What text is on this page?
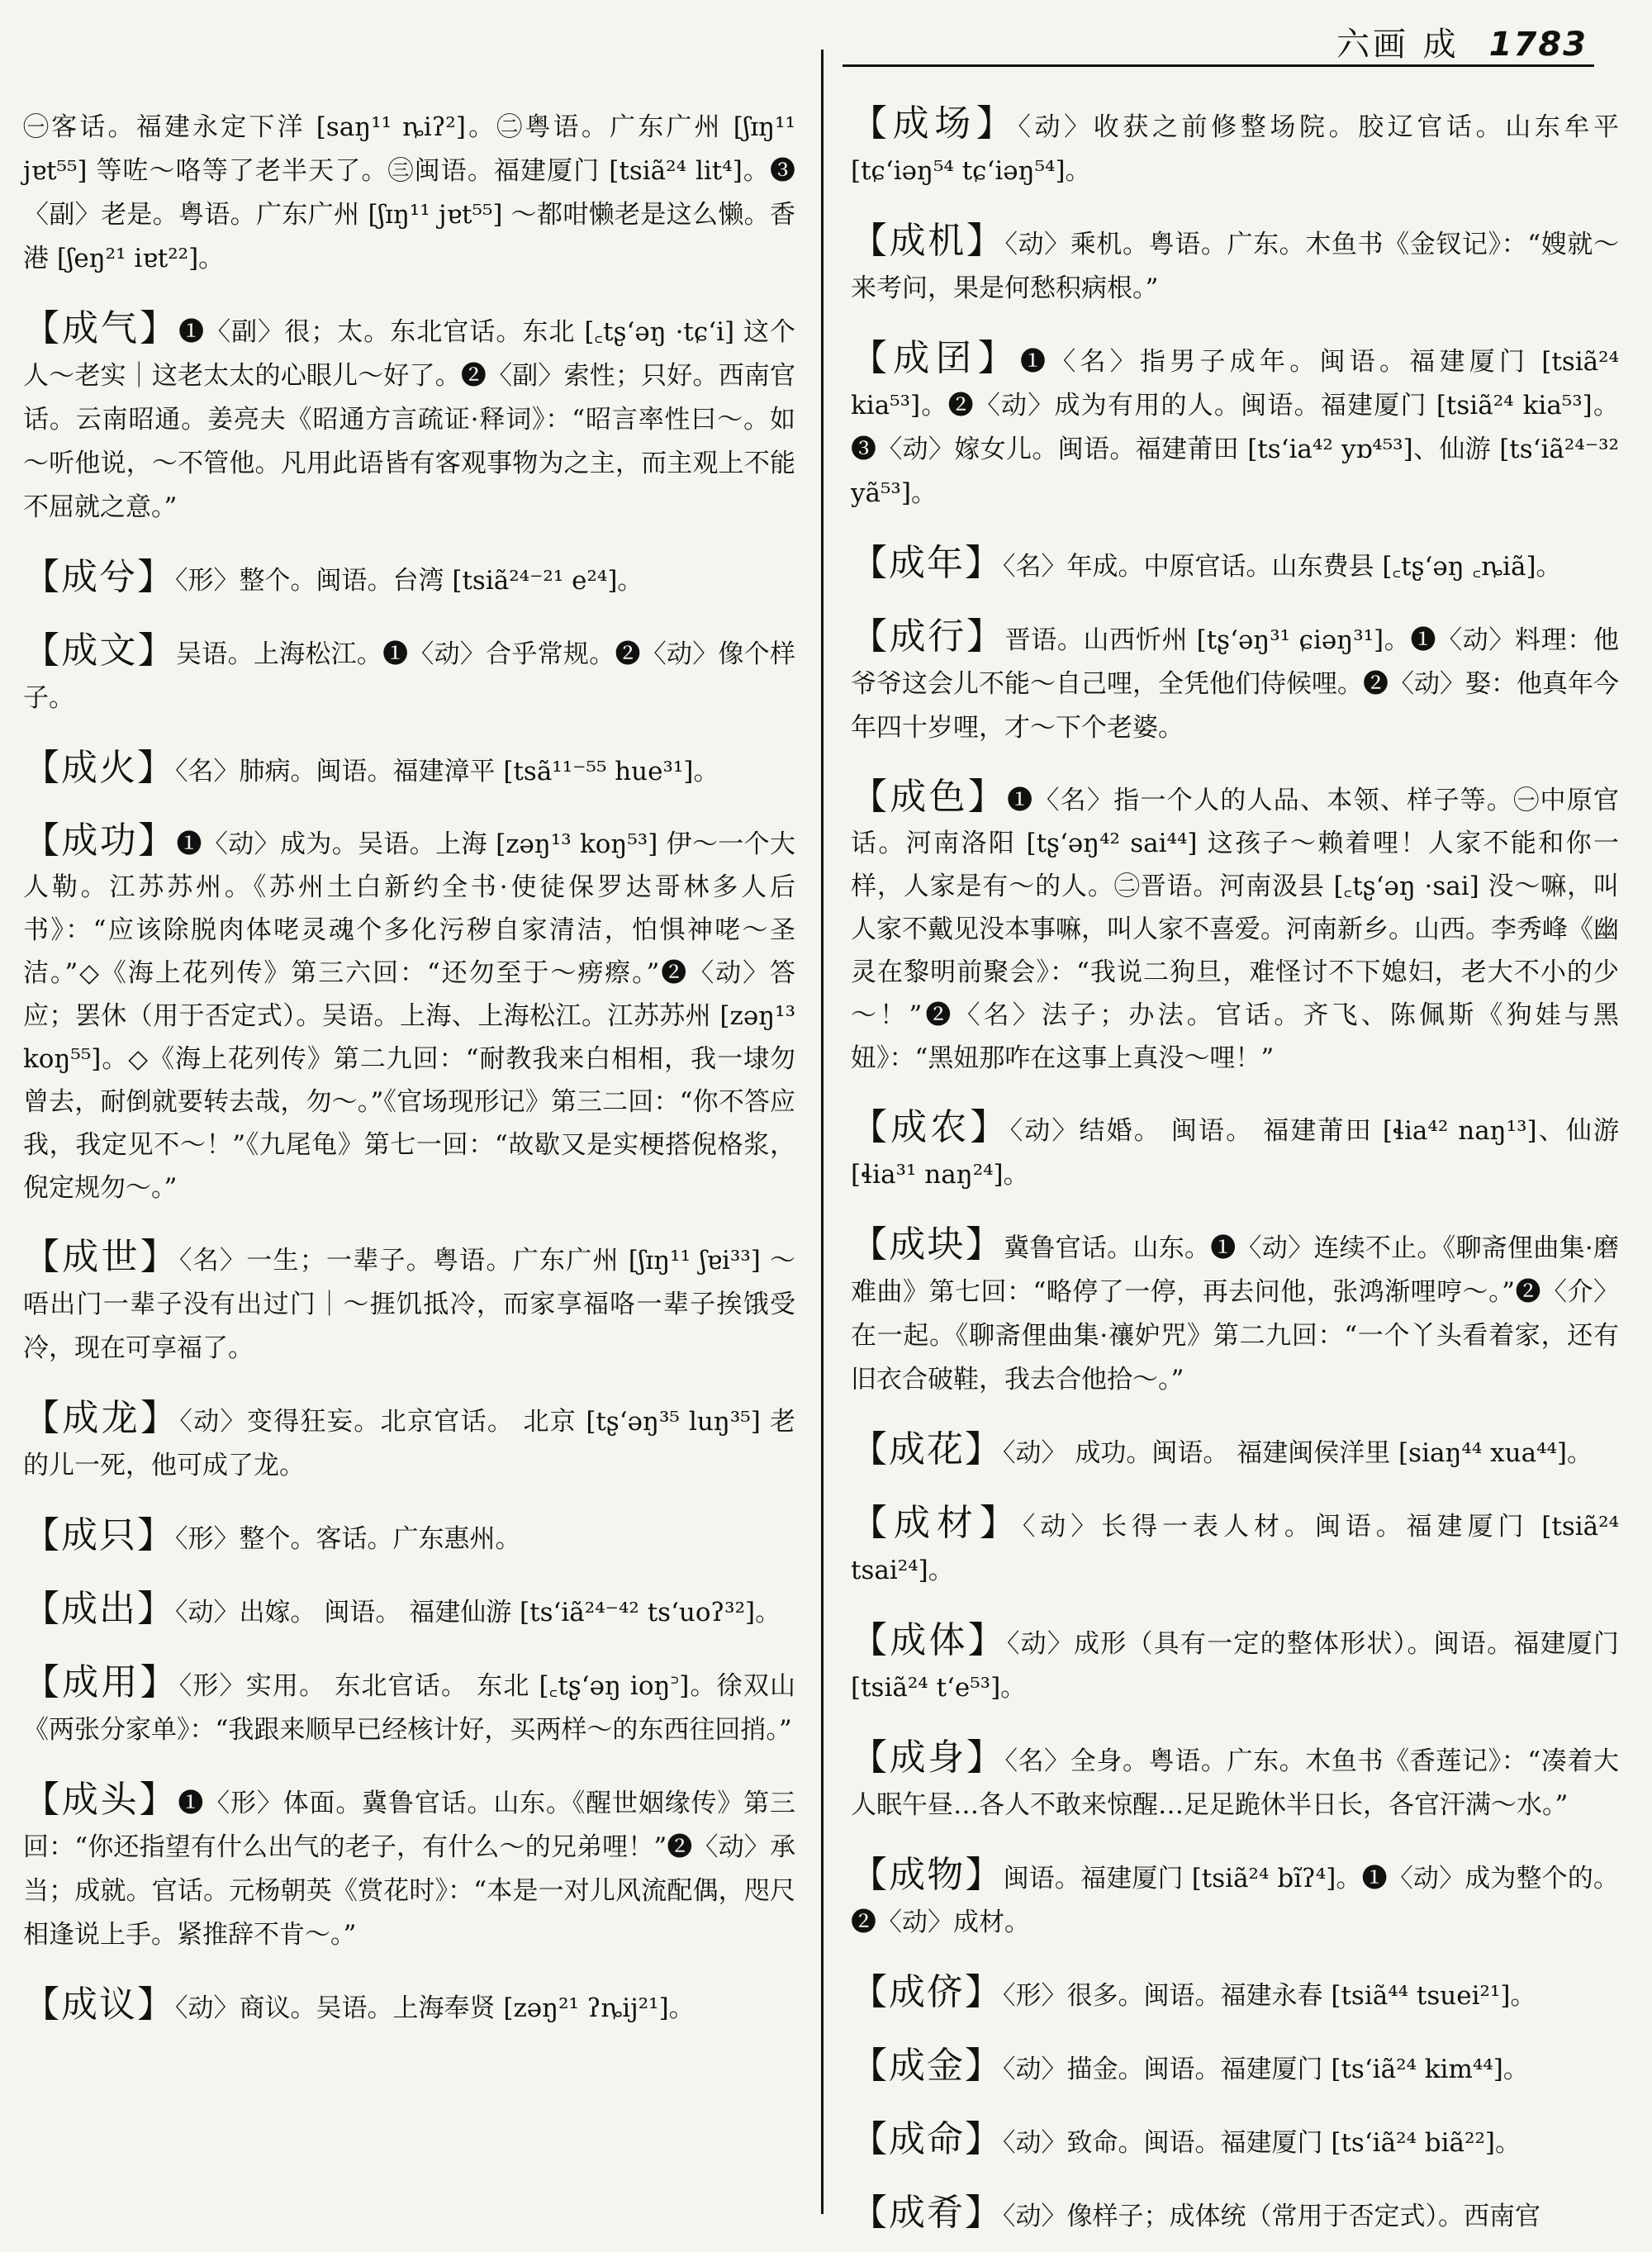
六画 成 1783

㊀客话。福建永定下洋 [saŋ¹¹ ȵiʔ²]。㊁粤语。广东广州 [ʃɪŋ¹¹ jɐt⁵⁵] 等咗～咯等了老半天了。㊂闽语。福建厦门 [tsiã²⁴ lit⁴]。❸〈副〉老是。粤语。广东广州 [ʃɪŋ¹¹ jɐt⁵⁵] ～都咁懒老是这么懒。香港 [ʃeŋ²¹ iɐt²²]。

【成气】❶〈副〉很；太。东北官话。东北 [꜀tʂʻəŋ ·tɕʻi] 这个人～老实｜这老太太的心眼儿～好了。❷〈副〉索性；只好。西南官话。云南昭通。姜亮夫《昭通方言疏证·释词》：“昭言率性曰～。如～听他说，～不管他。凡用此语皆有客观事物为之主，而主观上不能不屈就之意。”

【成兮】〈形〉整个。闽语。台湾 [tsiã²⁴⁻²¹ e²⁴]。

【成文】吴语。上海松江。❶〈动〉合乎常规。❷〈动〉像个样子。

【成火】〈名〉肺病。闽语。福建漳平 [tsã¹¹⁻⁵⁵ hue³¹]。

【成功】❶〈动〉成为。吴语。上海 [zəŋ¹³ koŋ⁵³] 伊～一个大人勒。江苏苏州。《苏州土白新约全书·使徒保罗达哥林多人后书》：“应该除脱肉体咾灵魂个多化污秽自家清洁，怕惧神咾～圣洁。”◇《海上花列传》第三六回：“还勿至于～痨瘵。”❷〈动〉答应；罢休（用于否定式）。吴语。上海、上海松江。江苏苏州 [zəŋ¹³ koŋ⁵⁵]。◇《海上花列传》第二九回：“耐教我来白相相，我一埭勿曾去，耐倒就要转去哉，勿～。”《官场现形记》第三二回：“你不答应我，我定见不～！”《九尾龟》第七一回：“故歇又是实梗搭倪格浆，倪定规勿～。”

【成世】〈名〉一生；一辈子。粤语。广东广州 [ʃɪŋ¹¹ ʃɐi³³] ～唔出门一辈子没有出过门｜～捱饥抵冷，而家享福咯一辈子挨饿受冷，现在可享福了。

【成龙】〈动〉变得狂妄。北京官话。 北京 [tʂʻəŋ³⁵ luŋ³⁵] 老的儿一死，他可成了龙。

【成只】〈形〉整个。客话。广东惠州。

【成出】〈动〉出嫁。 闽语。 福建仙游 [tsʻiã²⁴⁻⁴² tsʻuoʔ³²]。

【成用】〈形〉实用。 东北官话。 东北 [꜀tʂʻəŋ ioŋ꜄]。徐双山《两张分家单》：“我跟来顺早已经核计好，买两样～的东西往回捎。”

【成头】❶〈形〉体面。冀鲁官话。山东。《醒世姻缘传》第三回：“你还指望有什么出气的老子，有什么～的兄弟哩！”❷〈动〉承当；成就。官话。元杨朝英《赏花时》：“本是一对儿风流配偶，咫尺相逢说上手。紧推辞不肯～。”

【成议】〈动〉商议。吴语。上海奉贤 [zəŋ²¹ ʔȵij²¹]。

【成场】〈动〉收获之前修整场院。胶辽官话。山东牟平 [tɕʻiəŋ⁵⁴ tɕʻiəŋ⁵⁴]。

【成机】〈动〉乘机。粤语。广东。木鱼书《金钗记》：“嫂就～来考问，果是何愁积病根。”

【成囝】❶〈名〉指男子成年。闽语。福建厦门 [tsiã²⁴ kia⁵³]。❷〈动〉成为有用的人。闽语。福建厦门 [tsiã²⁴ kia⁵³]。❸〈动〉嫁女儿。闽语。福建莆田 [tsʻia⁴² yɒ⁴⁵³]、仙游 [tsʻiã²⁴⁻³² yã⁵³]。

【成年】〈名〉年成。中原官话。山东费县 [꜀tʂʻəŋ ꜀ȵiã]。

【成行】晋语。山西忻州 [tʂʻəŋ³¹ ɕiəŋ³¹]。❶〈动〉料理：他爷爷这会儿不能～自己哩，全凭他们侍候哩。❷〈动〉娶：他真年今年四十岁哩，才～下个老婆。

【成色】❶〈名〉指一个人的人品、本领、样子等。㊀中原官话。河南洛阳 [tʂʻəŋ⁴² sai⁴⁴] 这孩子～赖着哩！人家不能和你一样，人家是有～的人。㊁晋语。河南汲县 [꜀tʂʻəŋ ·sai] 没～嘛，叫人家不戴见没本事嘛，叫人家不喜爱。河南新乡。山西。李秀峰《幽灵在黎明前聚会》：“我说二狗旦，难怪讨不下媳妇，老大不小的少～！”❷〈名〉法子；办法。官话。齐飞、陈佩斯《狗娃与黑妞》：“黑妞那咋在这事上真没～哩！”

【成农】〈动〉结婚。 闽语。 福建莆田 [ɬia⁴² naŋ¹³]、仙游 [ɬia³¹ naŋ²⁴]。

【成块】冀鲁官话。山东。❶〈动〉连续不止。《聊斋俚曲集·磨难曲》第七回：“略停了一停，再去问他，张鸿渐哩哼～。”❷〈介〉在一起。《聊斋俚曲集·禳妒咒》第二九回：“一个丫头看着家，还有旧衣合破鞋，我去合他拾～。”

【成花】〈动〉 成功。闽语。 福建闽侯洋里 [siaŋ⁴⁴ xua⁴⁴]。

【成材】〈动〉长得一表人材。闽语。福建厦门 [tsiã²⁴ tsai²⁴]。

【成体】〈动〉成形（具有一定的整体形状）。闽语。福建厦门 [tsiã²⁴ tʻe⁵³]。

【成身】〈名〉全身。粤语。广东。木鱼书《香莲记》：“凑着大人眠午昼…各人不敢来惊醒…足足跪休半日长，各官汗满～水。”

【成物】闽语。福建厦门 [tsiã²⁴ bĩʔ⁴]。❶〈动〉成为整个的。❷〈动〉成材。

【成侪】〈形〉很多。闽语。福建永春 [tsiã⁴⁴ tsuei²¹]。

【成金】〈动〉描金。闽语。福建厦门 [tsʻiã²⁴ kim⁴⁴]。

【成命】〈动〉致命。闽语。福建厦门 [tsʻiã²⁴ biã²²]。

【成肴】〈动〉像样子；成体统（常用于否定式）。西南官
